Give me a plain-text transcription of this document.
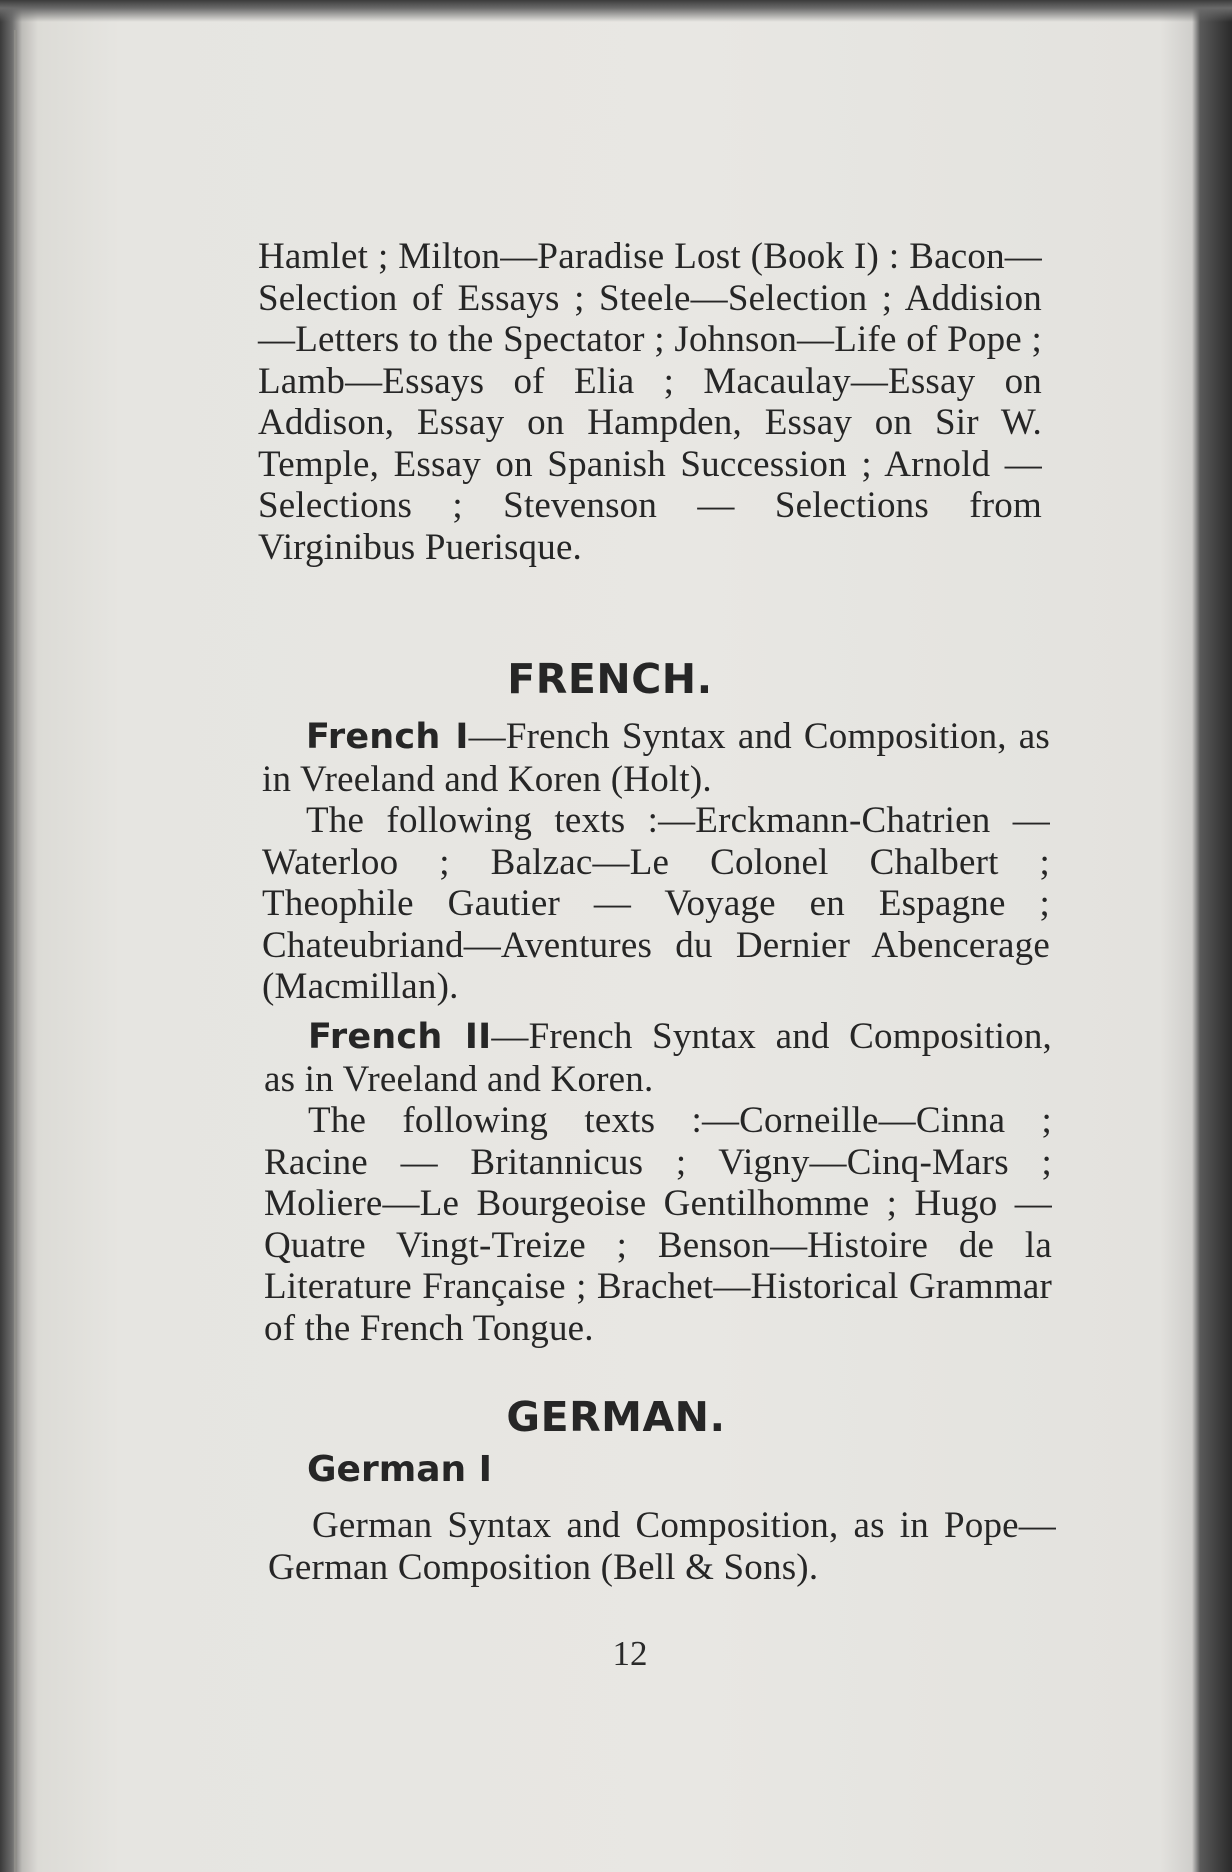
Hamlet ; Milton—Paradise Lost (Book I) : Bacon—Selection of Essays ; Steele—Selection ; Addision—Letters to the Spectator ; Johnson—Life of Pope ; Lamb—Essays of Elia ; Macaulay—Essay on Addison, Essay on Hampden, Essay on Sir W. Temple, Essay on Spanish Succession ; Arnold — Selections ; Stevenson — Selections from Virginibus Puerisque.

FRENCH.

French I—French Syntax and Composition, as in Vreeland and Koren (Holt).

The following texts :—Erckmann-Chatrien —Waterloo ; Balzac—Le Colonel Chalbert ; Theophile Gautier — Voyage en Espagne ; Chateubriand—Aventures du Dernier Abencerage (Macmillan).

French II—French Syntax and Composition, as in Vreeland and Koren.

The following texts :—Corneille—Cinna ; Racine — Britannicus ; Vigny—Cinq-Mars ; Moliere—Le Bourgeoise Gentilhomme ; Hugo —Quatre Vingt-Treize ; Benson—Histoire de la Literature Française ; Brachet—Historical Grammar of the French Tongue.

GERMAN.
German I

German Syntax and Composition, as in Pope—German Composition (Bell & Sons).

12
